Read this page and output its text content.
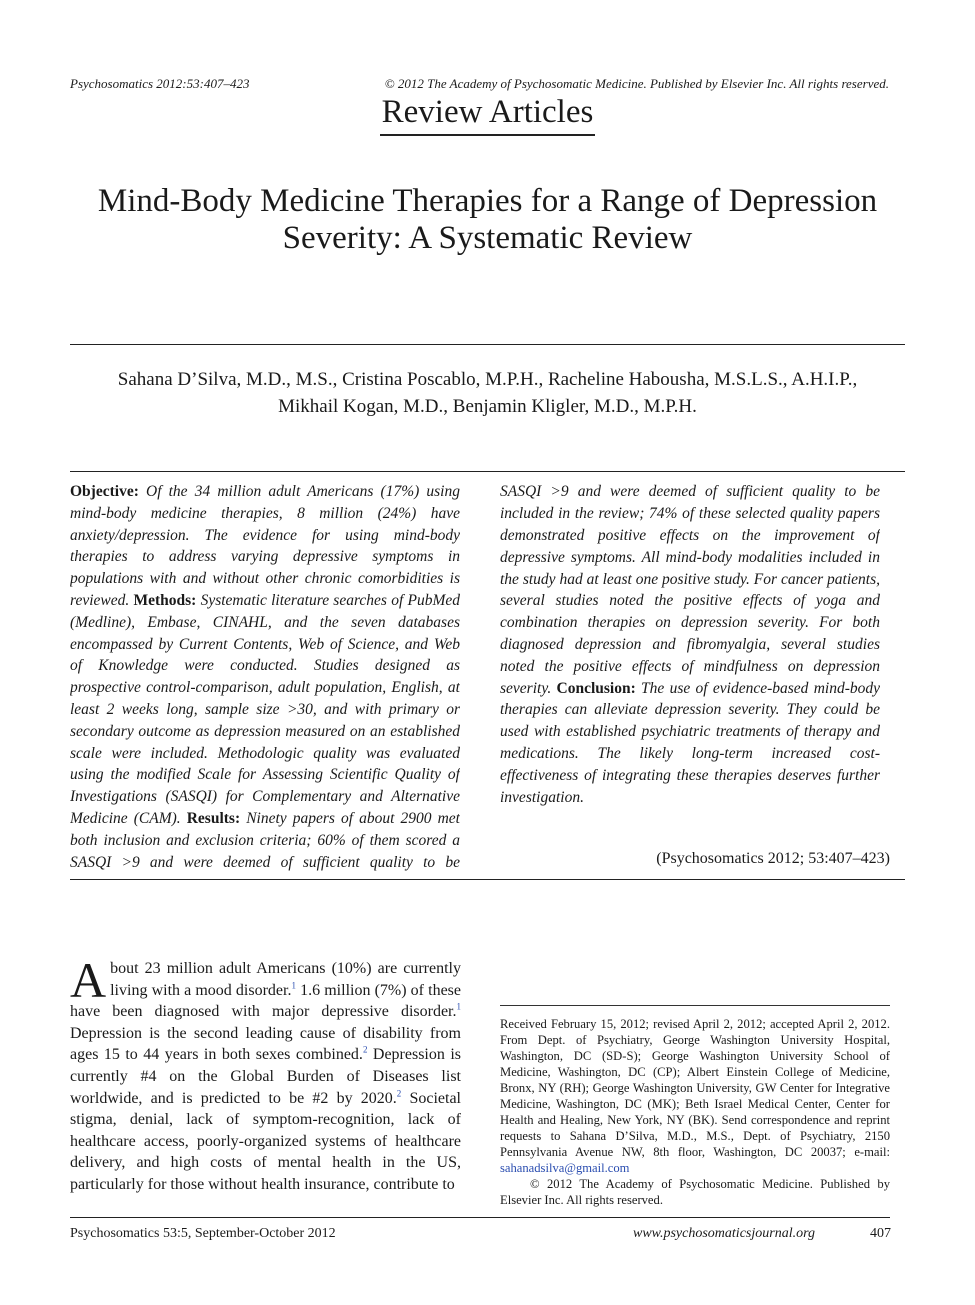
Psychosomatics 2012:53:407–423	© 2012 The Academy of Psychosomatic Medicine. Published by Elsevier Inc. All rights reserved.
Review Articles
Mind-Body Medicine Therapies for a Range of Depression
Severity: A Systematic Review
Sahana D’Silva, M.D., M.S., Cristina Poscablo, M.P.H., Racheline Habousha, M.S.L.S., A.H.I.P.,
Mikhail Kogan, M.D., Benjamin Kligler, M.D., M.P.H.
Objective: Of the 34 million adult Americans (17%) using mind-body medicine therapies, 8 million (24%) have anxiety/depression. The evidence for using mind-body therapies to address varying depressive symptoms in populations with and without other chronic comorbidities is reviewed. Methods: Systematic literature searches of PubMed (Medline), Embase, CINAHL, and the seven databases encompassed by Current Contents, Web of Science, and Web of Knowledge were conducted. Studies designed as prospective control-comparison, adult population, English, at least 2 weeks long, sample size >30, and with primary or secondary outcome as depression measured on an established scale were included. Methodologic quality was evaluated using the modified Scale for Assessing Scientific Quality of Investigations (SASQI) for Complementary and Alternative Medicine (CAM). Results: Ninety papers of about 2900 met both inclusion and exclusion criteria; 60% of them scored a SASQI >9 and were deemed of sufficient quality to be
SASQI >9 and were deemed of sufficient quality to be included in the review; 74% of these selected quality papers demonstrated positive effects on the improvement of depressive symptoms. All mind-body modalities included in the study had at least one positive study. For cancer patients, several studies noted the positive effects of yoga and combination therapies on depression severity. For both diagnosed depression and fibromyalgia, several studies noted the positive effects of mindfulness on depression severity. Conclusion: The use of evidence-based mind-body therapies can alleviate depression severity. They could be used with established psychiatric treatments of therapy and medications. The likely long-term increased cost-effectiveness of integrating these therapies deserves further investigation.
(Psychosomatics 2012; 53:407–423)
About 23 million adult Americans (10%) are currently living with a mood disorder.$^1$ 1.6 million (7%) of these have been diagnosed with major depressive disorder.$^1$ Depression is the second leading cause of disability from ages 15 to 44 years in both sexes combined.$^2$ Depression is currently #4 on the Global Burden of Diseases list worldwide, and is predicted to be #2 by 2020.$^2$ Societal stigma, denial, lack of symptom-recognition, lack of healthcare access, poorly-organized systems of healthcare delivery, and high costs of mental health in the US, particularly for those without health insurance, contribute to
Received February 15, 2012; revised April 2, 2012; accepted April 2, 2012. From Dept. of Psychiatry, George Washington University Hospital, Washington, DC (SD-S); George Washington University School of Medicine, Washington, DC (CP); Albert Einstein College of Medicine, Bronx, NY (RH); George Washington University, GW Center for Integrative Medicine, Washington, DC (MK); Beth Israel Medical Center, Center for Health and Healing, New York, NY (BK). Send correspondence and reprint requests to Sahana D’Silva, M.D., M.S., Dept. of Psychiatry, 2150 Pennsylvania Avenue NW, 8th floor, Washington, DC 20037; e-mail: sahanadsilva@gmail.com
© 2012 The Academy of Psychosomatic Medicine. Published by Elsevier Inc. All rights reserved.
Psychosomatics 53:5, September-October 2012	www.psychosomaticsjournal.org	407
